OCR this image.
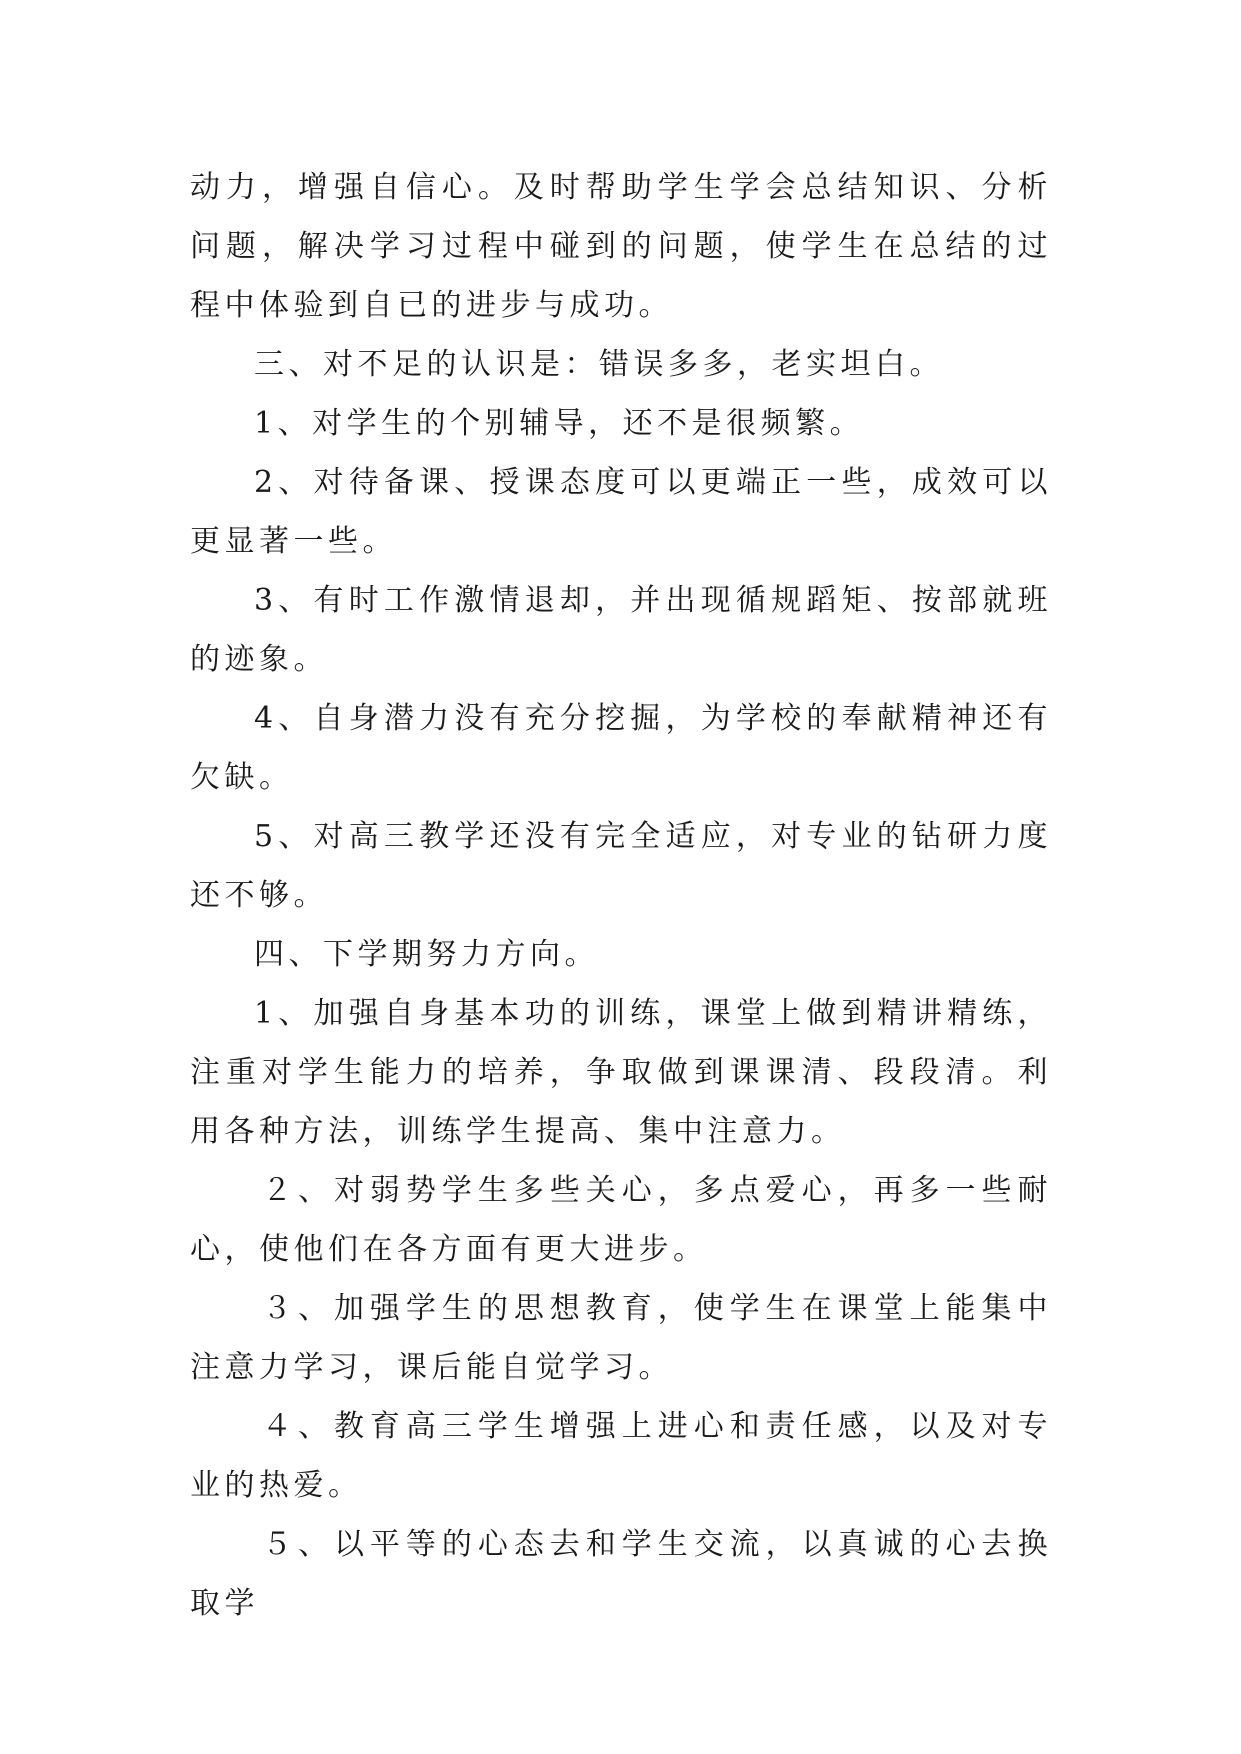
动力，增强自信心。及时帮助学生学会总结知识、分析问题，解决学习过程中碰到的问题，使学生在总结的过程中体验到自已的进步与成功。

三、对不足的认识是：错误多多，老实坦白。

1、对学生的个别辅导，还不是很频繁。

2、对待备课、授课态度可以更端正一些，成效可以更显著一些。

3、有时工作激情退却，并出现循规蹈矩、按部就班的迹象。

4、自身潜力没有充分挖掘，为学校的奉献精神还有欠缺。

5、对高三教学还没有完全适应，对专业的钻研力度还不够。

四、下学期努力方向。

1、加强自身基本功的训练，课堂上做到精讲精练，注重对学生能力的培养，争取做到课课清、段段清。利用各种方法，训练学生提高、集中注意力。

２、对弱势学生多些关心，多点爱心，再多一些耐心，使他们在各方面有更大进步。

３、加强学生的思想教育，使学生在课堂上能集中注意力学习，课后能自觉学习。

４、教育高三学生增强上进心和责任感，以及对专业的热爱。

５、以平等的心态去和学生交流，以真诚的心去换取学
